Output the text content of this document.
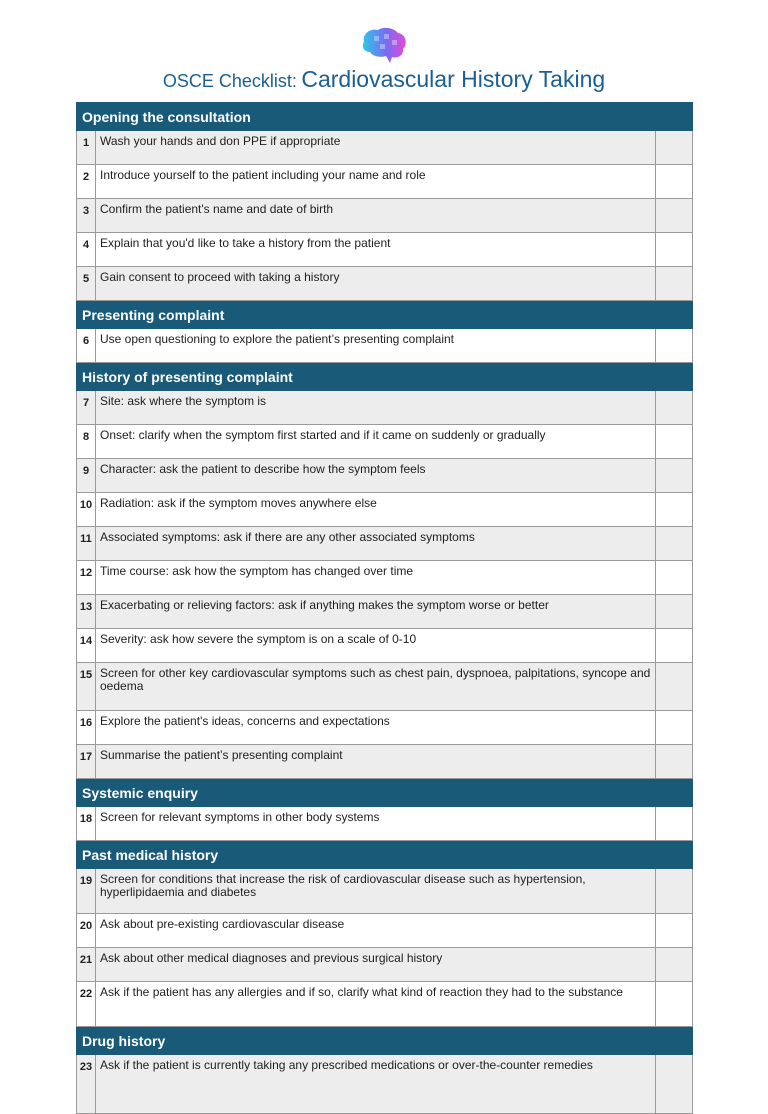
OSCE Checklist: Cardiovascular History Taking
Opening the consultation		
1	Wash your hands and don PPE if appropriate	
2	Introduce yourself to the patient including your name and role	
3	Confirm the patient's name and date of birth	
4	Explain that you'd like to take a history from the patient	
5	Gain consent to proceed with taking a history	
Presenting complaint		
6	Use open questioning to explore the patient’s presenting complaint	
History of presenting complaint		
7	Site: ask where the symptom is	
8	Onset: clarify when the symptom first started and if it came on suddenly or gradually	
9	Character: ask the patient to describe how the symptom feels	
10	Radiation: ask if the symptom moves anywhere else	
11	Associated symptoms: ask if there are any other associated symptoms	
12	Time course: ask how the symptom has changed over time	
13	Exacerbating or relieving factors: ask if anything makes the symptom worse or better	
14	Severity: ask how severe the symptom is on a scale of 0-10	
15	Screen for other key cardiovascular symptoms such as chest pain, dyspnoea, palpitations, syncope and oedema	
16	Explore the patient's ideas, concerns and expectations	
17	Summarise the patient’s presenting complaint	
Systemic enquiry		
18	Screen for relevant symptoms in other body systems	
Past medical history		
19	Screen for conditions that increase the risk of cardiovascular disease such as hypertension, hyperlipidaemia and diabetes	
20	Ask about pre-existing cardiovascular disease	
21	Ask about other medical diagnoses and previous surgical history	
22	Ask if the patient has any allergies and if so, clarify what kind of reaction they had to the substance	
Drug history		
23	Ask if the patient is currently taking any prescribed medications or over-the-counter remedies	
